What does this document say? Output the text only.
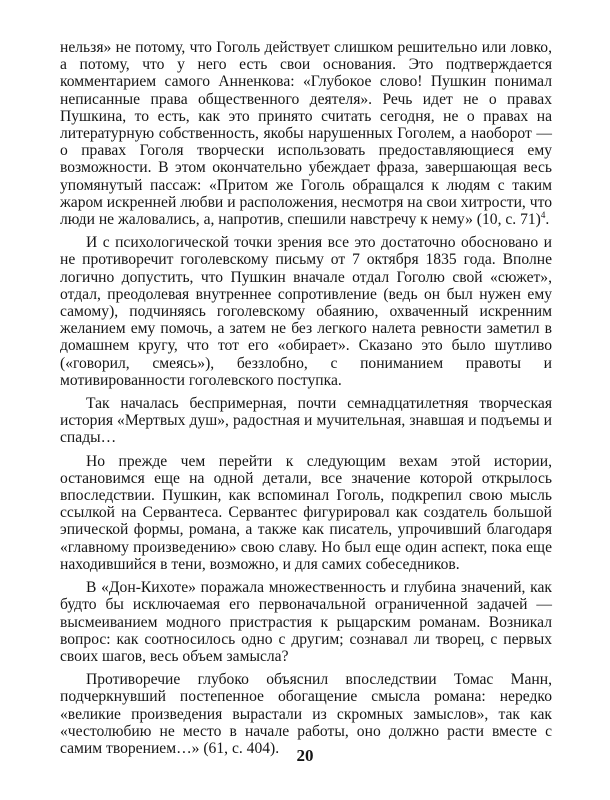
нельзя» не потому, что Гоголь действует слишком решительно или ловко, а потому, что у него есть свои основания. Это подтверждается комментарием самого Анненкова: «Глубокое слово! Пушкин понимал неписанные права общественного деятеля». Речь идет не о правах Пушкина, то есть, как это принято считать сегодня, не о правах на литературную собственность, якобы нарушенных Гоголем, а наоборот — о правах Гоголя творчески использовать предоставляющиеся ему возможности. В этом окончательно убеждает фраза, завершающая весь упомянутый пассаж: «Притом же Гоголь обращался к людям с таким жаром искренней любви и расположения, несмотря на свои хитрости, что люди не жаловались, а, напротив, спешили навстречу к нему» (10, с. 71)$^4$.

И с психологической точки зрения все это достаточно обосновано и не противоречит гоголевскому письму от 7 октября 1835 года. Вполне логично допустить, что Пушкин вначале отдал Гоголю свой «сюжет», отдал, преодолевая внутреннее сопротивление (ведь он был нужен ему самому), подчиняясь гоголевскому обаянию, охваченный искренним желанием ему помочь, а затем не без легкого налета ревности заметил в домашнем кругу, что тот его «обирает». Сказано это было шутливо («говорил, смеясь»), беззлобно, с пониманием правоты и мотивированности гоголевского поступка.

Так началась беспримерная, почти семнадцатилетняя творческая история «Мертвых душ», радостная и мучительная, знавшая и подъемы и спады…

Но прежде чем перейти к следующим вехам этой истории, остановимся еще на одной детали, все значение которой открылось впоследствии. Пушкин, как вспоминал Гоголь, подкрепил свою мысль ссылкой на Сервантеса. Сервантес фигурировал как создатель большой эпической формы, романа, а также как писатель, упрочивший благодаря «главному произведению» свою славу. Но был еще один аспект, пока еще находившийся в тени, возможно, и для самих собеседников.

В «Дон-Кихоте» поражала множественность и глубина значений, как будто бы исключаемая его первоначальной ограниченной задачей — высмеиванием модного пристрастия к рыцарским романам. Возникал вопрос: как соотносилось одно с другим; сознавал ли творец, с первых своих шагов, весь объем замысла?

Противоречие глубоко объяснил впоследствии Томас Манн, подчеркнувший постепенное обогащение смысла романа: нередко «великие произведения вырастали из скромных замыслов», так как «честолюбию не место в начале работы, оно должно расти вместе с самим творением…» (61, с. 404).	20
